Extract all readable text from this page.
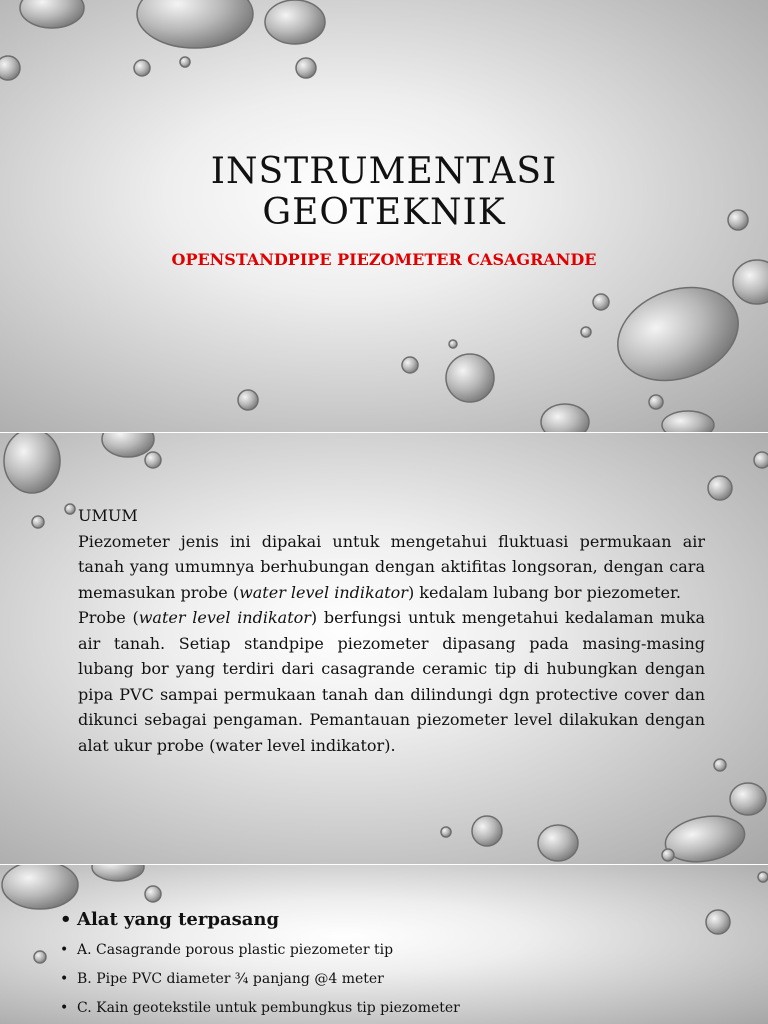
INSTRUMENTASI
GEOTEKNIK

OPENSTANDPIPE PIEZOMETER CASAGRANDE

UMUM

Piezometer jenis ini dipakai untuk mengetahui fluktuasi permukaan air tanah yang umumnya berhubungan dengan aktifitas longsoran, dengan cara memasukan probe (water level indikator) kedalam lubang bor piezometer.

Probe (water level indikator) berfungsi untuk mengetahui kedalaman muka air tanah. Setiap standpipe piezometer dipasang pada masing-masing lubang bor yang terdiri dari casagrande ceramic tip di hubungkan dengan pipa PVC sampai permukaan tanah dan dilindungi dgn protective cover dan dikunci sebagai pengaman. Pemantauan piezometer level dilakukan dengan alat ukur probe (water level indikator).

• Alat yang terpasang
• A. Casagrande porous plastic piezometer tip
• B. Pipe PVC diameter ¾ panjang @4 meter
• C. Kain geotekstile untuk pembungkus tip piezometer
